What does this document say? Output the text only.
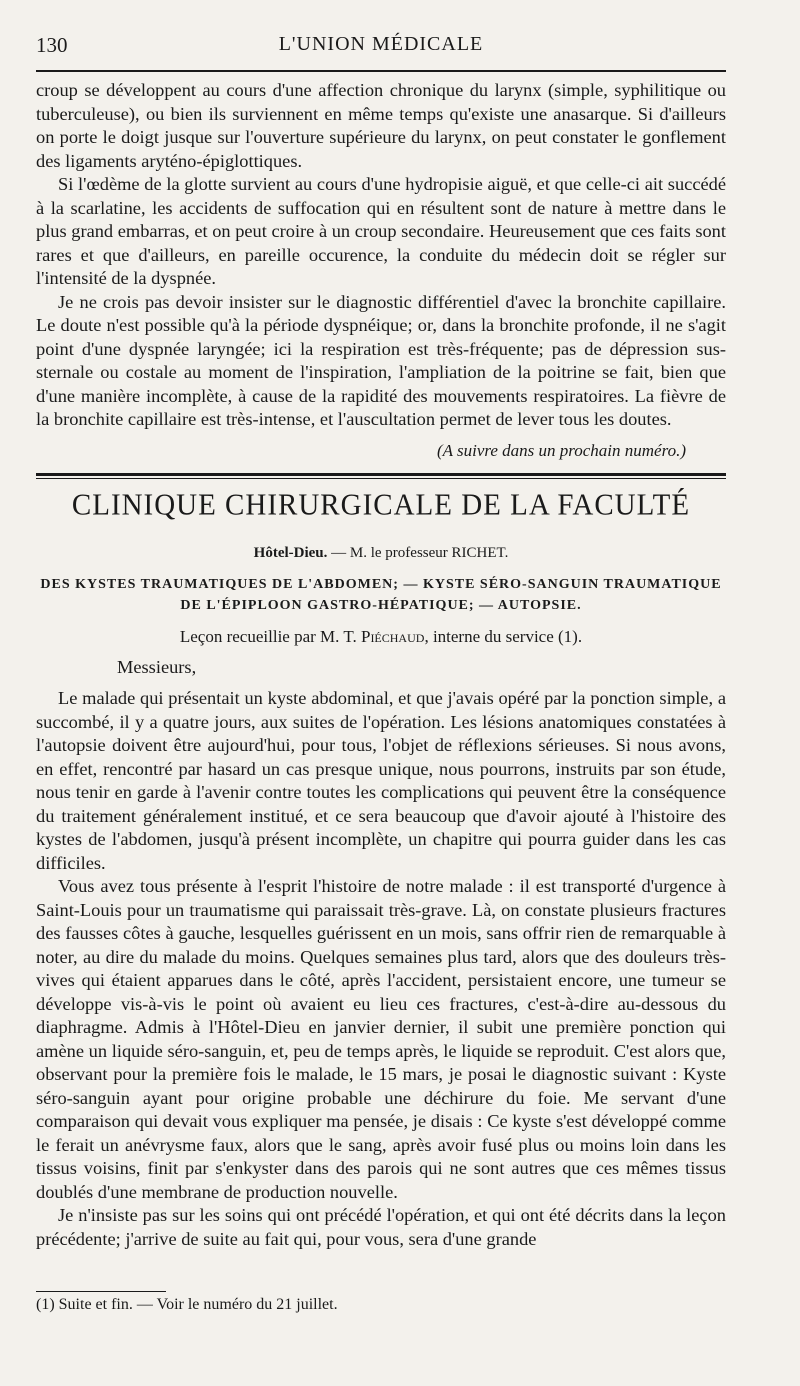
130	L'UNION MÉDICALE

croup se développent au cours d'une affection chronique du larynx (simple, syphilitique ou tuberculeuse), ou bien ils surviennent en même temps qu'existe une anasarque. Si d'ailleurs on porte le doigt jusque sur l'ouverture supérieure du larynx, on peut constater le gonflement des ligaments aryténo-épiglottiques.

Si l'œdème de la glotte survient au cours d'une hydropisie aiguë, et que celle-ci ait succédé à la scarlatine, les accidents de suffocation qui en résultent sont de nature à mettre dans le plus grand embarras, et on peut croire à un croup secondaire. Heureusement que ces faits sont rares et que d'ailleurs, en pareille occurence, la conduite du médecin doit se régler sur l'intensité de la dyspnée.

Je ne crois pas devoir insister sur le diagnostic différentiel d'avec la bronchite capillaire. Le doute n'est possible qu'à la période dyspnéique; or, dans la bronchite profonde, il ne s'agit point d'une dyspnée laryngée; ici la respiration est très-fréquente; pas de dépression sus-sternale ou costale au moment de l'inspiration, l'ampliation de la poitrine se fait, bien que d'une manière incomplète, à cause de la rapidité des mouvements respiratoires. La fièvre de la bronchite capillaire est très-intense, et l'auscultation permet de lever tous les doutes.

(A suivre dans un prochain numéro.)
CLINIQUE CHIRURGICALE DE LA FACULTÉ
Hôtel-Dieu. — M. le professeur RICHET.
DES KYSTES TRAUMATIQUES DE L'ABDOMEN; — KYSTE SÉRO-SANGUIN TRAUMATIQUE
DE L'ÉPIPLOON GASTRO-HÉPATIQUE; — AUTOPSIE.
Leçon recueillie par M. T. Piéchaud, interne du service (1).
Messieurs,

Le malade qui présentait un kyste abdominal, et que j'avais opéré par la ponction simple, a succombé, il y a quatre jours, aux suites de l'opération. Les lésions anatomiques constatées à l'autopsie doivent être aujourd'hui, pour tous, l'objet de réflexions sérieuses. Si nous avons, en effet, rencontré par hasard un cas presque unique, nous pourrons, instruits par son étude, nous tenir en garde à l'avenir contre toutes les complications qui peuvent être la conséquence du traitement généralement institué, et ce sera beaucoup que d'avoir ajouté à l'histoire des kystes de l'abdomen, jusqu'à présent incomplète, un chapitre qui pourra guider dans les cas difficiles.

Vous avez tous présente à l'esprit l'histoire de notre malade : il est transporté d'urgence à Saint-Louis pour un traumatisme qui paraissait très-grave. Là, on constate plusieurs fractures des fausses côtes à gauche, lesquelles guérissent en un mois, sans offrir rien de remarquable à noter, au dire du malade du moins. Quelques semaines plus tard, alors que des douleurs très-vives qui étaient apparues dans le côté, après l'accident, persistaient encore, une tumeur se développe vis-à-vis le point où avaient eu lieu ces fractures, c'est-à-dire au-dessous du diaphragme. Admis à l'Hôtel-Dieu en janvier dernier, il subit une première ponction qui amène un liquide séro-sanguin, et, peu de temps après, le liquide se reproduit. C'est alors que, observant pour la première fois le malade, le 15 mars, je posai le diagnostic suivant : Kyste séro-sanguin ayant pour origine probable une déchirure du foie. Me servant d'une comparaison qui devait vous expliquer ma pensée, je disais : Ce kyste s'est développé comme le ferait un anévrysme faux, alors que le sang, après avoir fusé plus ou moins loin dans les tissus voisins, finit par s'enkyster dans des parois qui ne sont autres que ces mêmes tissus doublés d'une membrane de production nouvelle.

Je n'insiste pas sur les soins qui ont précédé l'opération, et qui ont été décrits dans la leçon précédente; j'arrive de suite au fait qui, pour vous, sera d'une grande

(1) Suite et fin. — Voir le numéro du 21 juillet.
